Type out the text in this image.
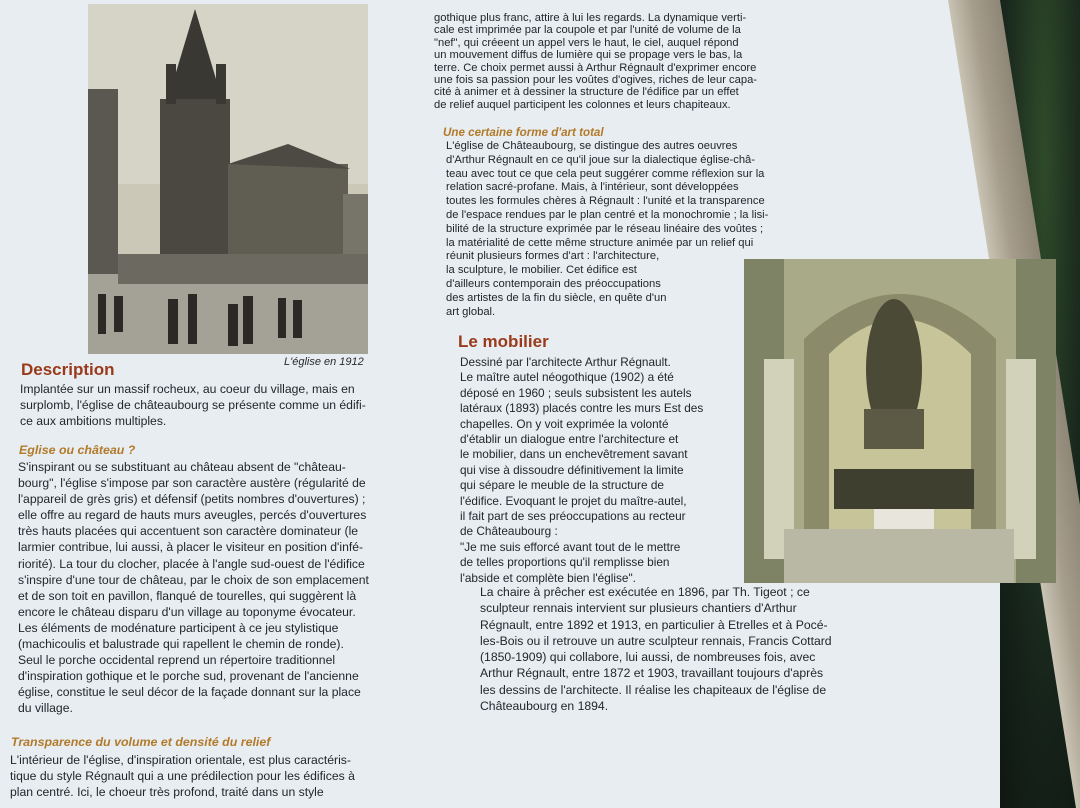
L'église en 1912
Description

Implantée sur un massif rocheux, au coeur du village, mais en

surplomb, l'église de châteaubourg se présente comme un édifi-

ce aux ambitions multiples.

Eglise ou château ?

S'inspirant ou se substituant au château absent de "château-

bourg", l'église s'impose par son caractère austère (régularité de

l'appareil de grès gris) et défensif (petits nombres d'ouvertures) ;

elle offre au regard de hauts murs aveugles, percés d'ouvertures

très hauts placées qui accentuent son caractère dominateur (le

larmier contribue, lui aussi, à placer le visiteur en position d'infé-

riorité). La tour du clocher, placée à l'angle sud-ouest de l'édifice

s'inspire d'une tour de château, par le choix de son emplacement

et de son toit en pavillon, flanqué de tourelles, qui suggèrent là

encore le château disparu d'un village au toponyme évocateur.

Les éléments de modénature participent à ce jeu stylistique

(machicoulis et balustrade qui rapellent le chemin de ronde).

Seul le porche occidental reprend un répertoire traditionnel

d'inspiration gothique et le porche sud, provenant de l'ancienne

église, constitue le seul décor de la façade donnant sur la place

du village.

Transparence du volume et densité du relief

L'intérieur de l'église, d'inspiration orientale, est plus caractéris-

tique du style Régnault qui a une prédilection pour les édifices à

plan centré. Ici, le choeur très profond, traité dans un style

gothique plus franc, attire à lui les regards. La dynamique verti-

cale est imprimée par la coupole et par l'unité de volume de la

"nef", qui créeent un appel vers le haut, le ciel, auquel répond

un mouvement diffus de lumière qui se propage vers le bas, la

terre. Ce choix permet aussi à Arthur Régnault d'exprimer encore

une fois sa passion pour les voûtes d'ogives, riches de leur capa-

cité à animer et à dessiner la structure de l'édifice par un effet

de relief auquel participent les colonnes et leurs chapiteaux.

Une certaine forme d'art total

L'église de Châteaubourg, se distingue des autres oeuvres

d'Arthur Régnault en ce qu'il joue sur la dialectique église-châ-

teau avec tout ce que cela peut suggérer comme réflexion sur la

relation sacré-profane. Mais, à l'intérieur, sont développées

toutes les formules chères à Régnault : l'unité et la transparence

de l'espace rendues par le plan centré et la monochromie ; la lisi-

bilité de la structure exprimée par le réseau linéaire des voûtes ;

la matérialité de cette même structure animée par un relief qui

réunit plusieurs formes d'art : l'architecture,

la sculpture, le mobilier. Cet édifice est

d'ailleurs contemporain des préoccupations

des artistes de la fin du siècle, en quête d'un

art global.

Le mobilier

Dessiné par l'architecte Arthur Régnault.

Le maître autel néogothique (1902) a été

déposé en 1960 ; seuls subsistent les autels

latéraux (1893) placés contre les murs Est des

chapelles. On y voit exprimée la volonté

d'établir un dialogue entre l'architecture et

le mobilier, dans un enchevêtrement savant

qui vise à dissoudre définitivement la limite

qui sépare le meuble de la structure de

l'édifice. Evoquant le projet du maître-autel,

il fait part de ses préoccupations au recteur

de Châteaubourg :

"Je me suis efforcé avant tout de le mettre

de telles proportions qu'il remplisse bien

l'abside et complète bien l'église".

La chaire à prêcher est exécutée en 1896, par Th. Tigeot ; ce

sculpteur rennais intervient sur plusieurs chantiers d'Arthur

Régnault, entre 1892 et 1913, en particulier à Etrelles et à Pocé-

les-Bois ou il retrouve un autre sculpteur rennais, Francis Cottard

(1850-1909) qui collabore, lui aussi, de nombreuses fois, avec

Arthur Régnault, entre 1872 et 1903, travaillant toujours d'après

les dessins de l'architecte. Il réalise les chapiteaux de l'église de

Châteaubourg en 1894.
